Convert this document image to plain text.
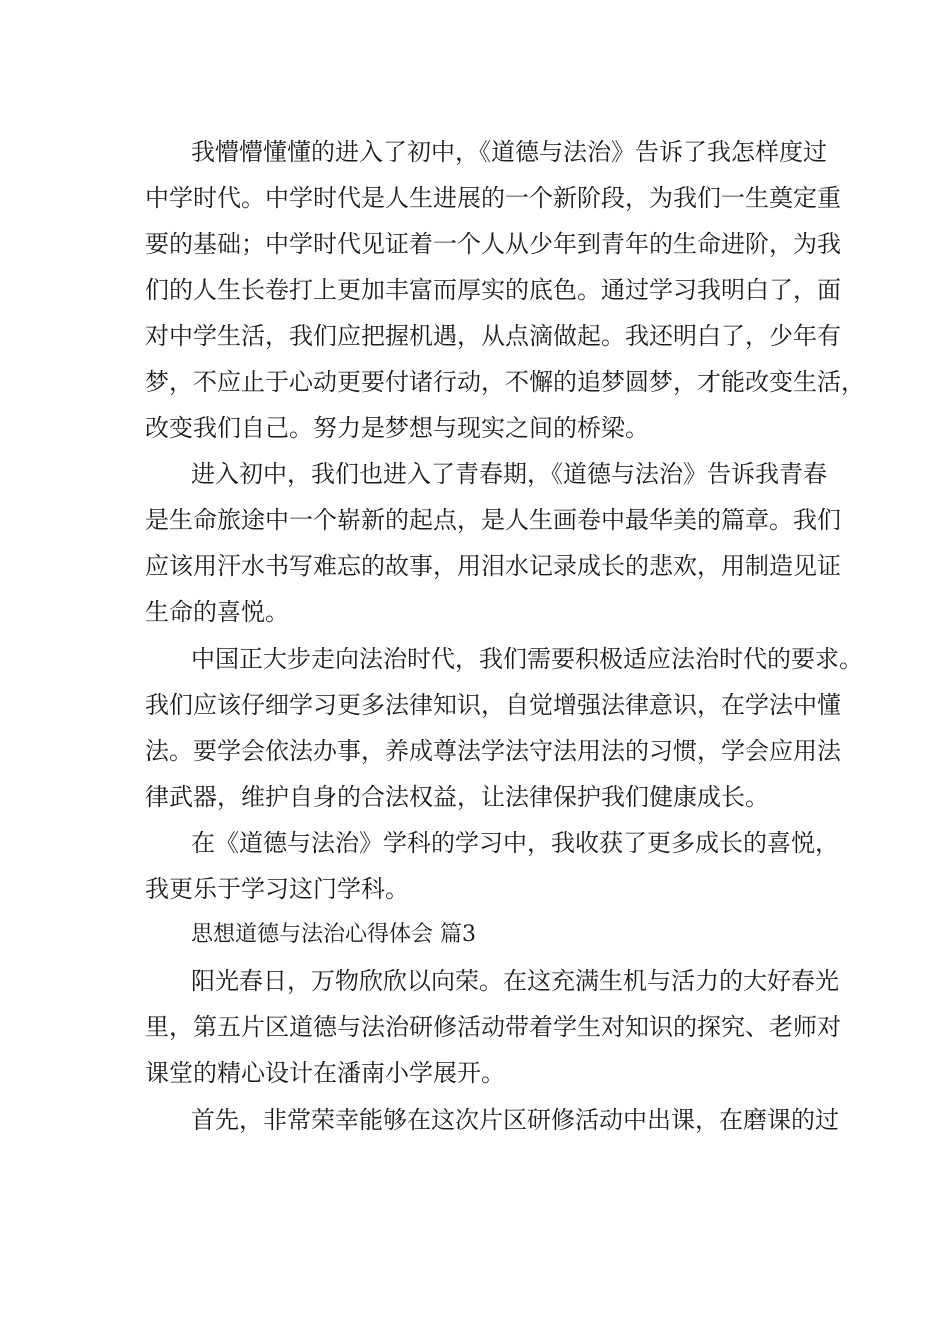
我懵懵懂懂的进入了初中，《道德与法治》告诉了我怎样度过
中学时代。中学时代是人生进展的一个新阶段，为我们一生奠定重
要的基础；中学时代见证着一个人从少年到青年的生命进阶，为我
们的人生长卷打上更加丰富而厚实的底色。通过学习我明白了，面
对中学生活，我们应把握机遇，从点滴做起。我还明白了，少年有
梦，不应止于心动更要付诸行动，不懈的追梦圆梦，才能改变生活，
改变我们自己。努力是梦想与现实之间的桥梁。
进入初中，我们也进入了青春期，《道德与法治》告诉我青春
是生命旅途中一个崭新的起点，是人生画卷中最华美的篇章。我们
应该用汗水书写难忘的故事，用泪水记录成长的悲欢，用制造见证
生命的喜悦。
中国正大步走向法治时代，我们需要积极适应法治时代的要求。
我们应该仔细学习更多法律知识，自觉增强法律意识，在学法中懂
法。要学会依法办事，养成尊法学法守法用法的习惯，学会应用法
律武器，维护自身的合法权益，让法律保护我们健康成长。
在《道德与法治》学科的学习中，我收获了更多成长的喜悦，
我更乐于学习这门学科。
思想道德与法治心得体会 篇3
阳光春日，万物欣欣以向荣。在这充满生机与活力的大好春光
里，第五片区道德与法治研修活动带着学生对知识的探究、老师对
课堂的精心设计在潘南小学展开。
首先，非常荣幸能够在这次片区研修活动中出课，在磨课的过
